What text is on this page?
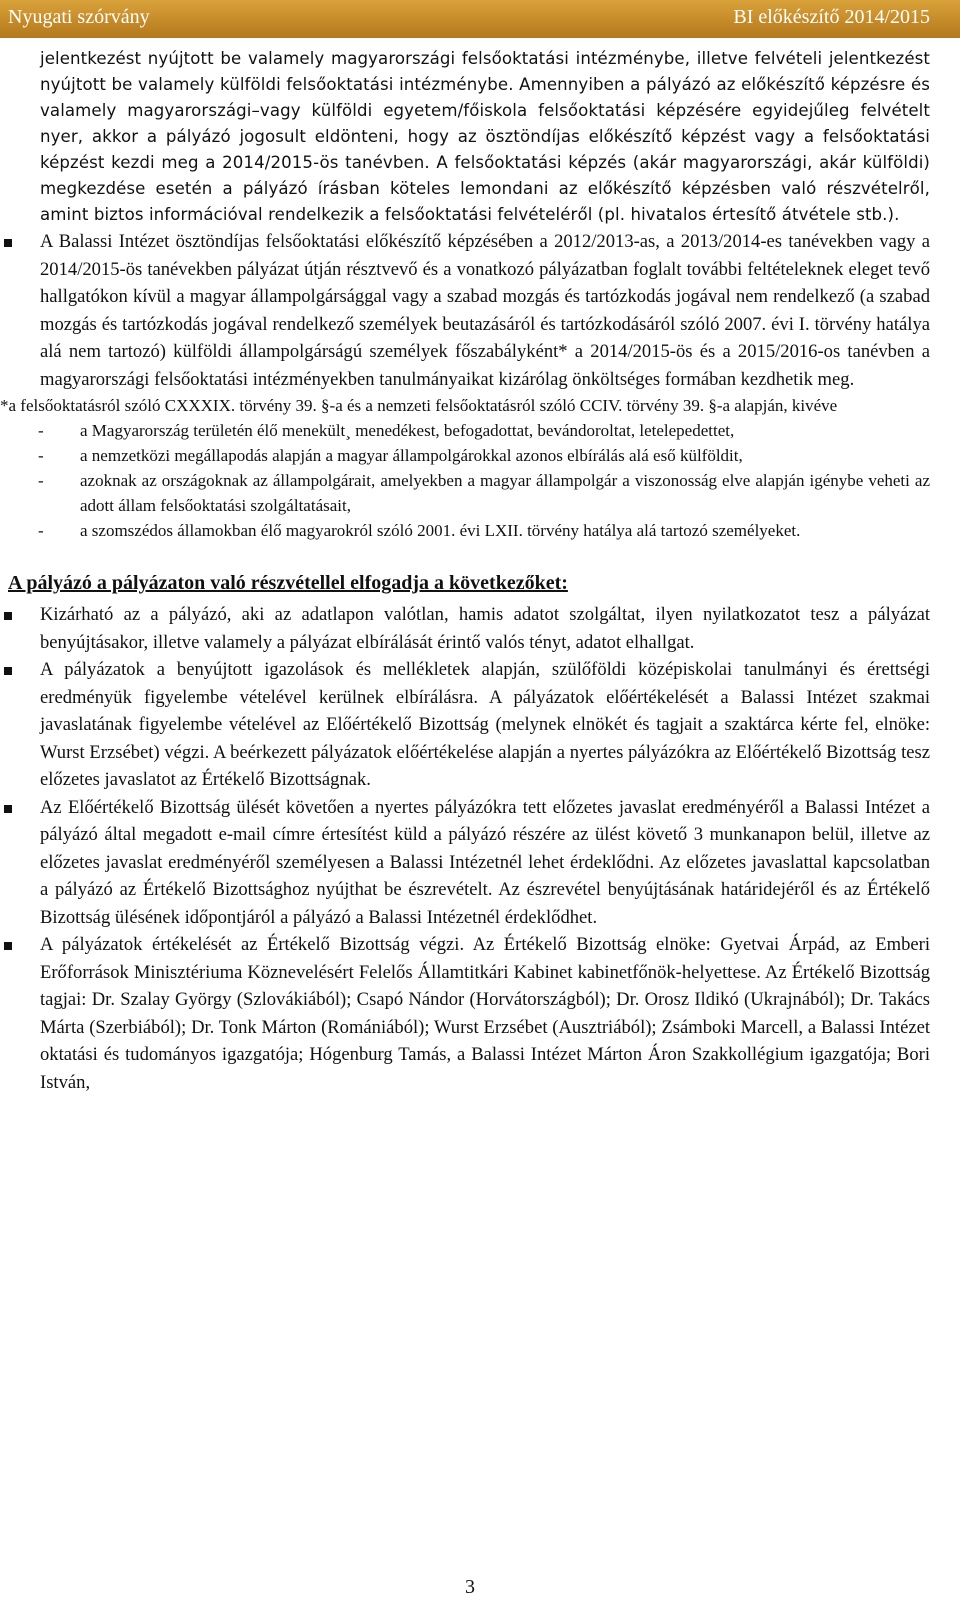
Nyugati szórvány	BI előkészítő 2014/2015

jelentkezést nyújtott be valamely magyarországi felsőoktatási intézménybe, illetve felvételi jelentkezést nyújtott be valamely külföldi felsőoktatási intézménybe. Amennyiben a pályázó az előkészítő képzésre és valamely magyarországi–vagy külföldi egyetem/főiskola felsőoktatási képzésére egyidejűleg felvételt nyer, akkor a pályázó jogosult eldönteni, hogy az ösztöndíjas előkészítő képzést vagy a felsőoktatási képzést kezdi meg a 2014/2015-ös tanévben. A felsőoktatási képzés (akár magyarországi, akár külföldi) megkezdése esetén a pályázó írásban köteles lemondani az előkészítő képzésben való részvételről, amint biztos információval rendelkezik a felsőoktatási felvételéről (pl. hivatalos értesítő átvétele stb.).

A Balassi Intézet ösztöndíjas felsőoktatási előkészítő képzésében a 2012/2013-as, a 2013/2014-es tanévekben vagy a 2014/2015-ös tanévekben pályázat útján résztvevő és a vonatkozó pályázatban foglalt további feltételeknek eleget tevő hallgatókon kívül a magyar állampolgársággal vagy a szabad mozgás és tartózkodás jogával nem rendelkező (a szabad mozgás és tartózkodás jogával rendelkező személyek beutazásáról és tartózkodásáról szóló 2007. évi I. törvény hatálya alá nem tartozó) külföldi állampolgárságú személyek főszabályként* a 2014/2015-ös és a 2015/2016-os tanévben a magyarországi felsőoktatási intézményekben tanulmányaikat kizárólag önköltséges formában kezdhetik meg.

*a felsőoktatásról szóló CXXXIX. törvény 39. §-a és a nemzeti felsőoktatásról szóló CCIV. törvény 39. §-a alapján, kivéve

- a Magyarország területén élő menekült¸ menedékest, befogadottat, bevándoroltat, letelepedettet,
- a nemzetközi megállapodás alapján a magyar állampolgárokkal azonos elbírálás alá eső külföldit,
- azoknak az országoknak az állampolgárait, amelyekben a magyar állampolgár a viszonosság elve alapján igénybe veheti az adott állam felsőoktatási szolgáltatásait,
-	a szomszédos államokban élő magyarokról szóló 2001. évi LXII. törvény hatálya alá tartozó személyeket.
A pályázó a pályázaton való részvétellel elfogadja a következőket:

Kizárható az a pályázó, aki az adatlapon valótlan, hamis adatot szolgáltat, ilyen nyilatkozatot tesz a pályázat benyújtásakor, illetve valamely a pályázat elbírálását érintő valós tényt, adatot elhallgat.

A pályázatok a benyújtott igazolások és mellékletek alapján, szülőföldi középiskolai tanulmányi és érettségi eredményük figyelembe vételével kerülnek elbírálásra. A pályázatok előértékelését a Balassi Intézet szakmai javaslatának figyelembe vételével az Előértékelő Bizottság (melynek elnökét és tagjait a szaktárca kérte fel, elnöke: Wurst Erzsébet) végzi. A beérkezett pályázatok előértékelése alapján a nyertes pályázókra az Előértékelő Bizottság tesz előzetes javaslatot az Értékelő Bizottságnak.

Az Előértékelő Bizottság ülését követően a nyertes pályázókra tett előzetes javaslat eredményéről a Balassi Intézet a pályázó által megadott e-mail címre értesítést küld a pályázó részére az ülést követő 3 munkanapon belül, illetve az előzetes javaslat eredményéről személyesen a Balassi Intézetnél lehet érdeklődni. Az előzetes javaslattal kapcsolatban a pályázó az Értékelő Bizottsághoz nyújthat be észrevételt. Az észrevétel benyújtásának határidejéről és az Értékelő Bizottság ülésének időpontjáról a pályázó a Balassi Intézetnél érdeklődhet.

A pályázatok értékelését az Értékelő Bizottság végzi. Az Értékelő Bizottság elnöke: Gyetvai Árpád, az Emberi Erőforrások Minisztériuma Köznevelésért Felelős Államtitkári Kabinet kabinetfőnök-helyettese. Az Értékelő Bizottság tagjai: Dr. Szalay György (Szlovákiából); Csapó Nándor (Horvátországból); Dr. Orosz Ildikó (Ukrajnából); Dr. Takács Márta (Szerbiából); Dr. Tonk Márton (Romániából); Wurst Erzsébet (Ausztriából); Zsámboki Marcell, a Balassi Intézet oktatási és tudományos igazgatója; Hógenburg Tamás, a Balassi Intézet Márton Áron Szakkollégium igazgatója; Bori István,

3
